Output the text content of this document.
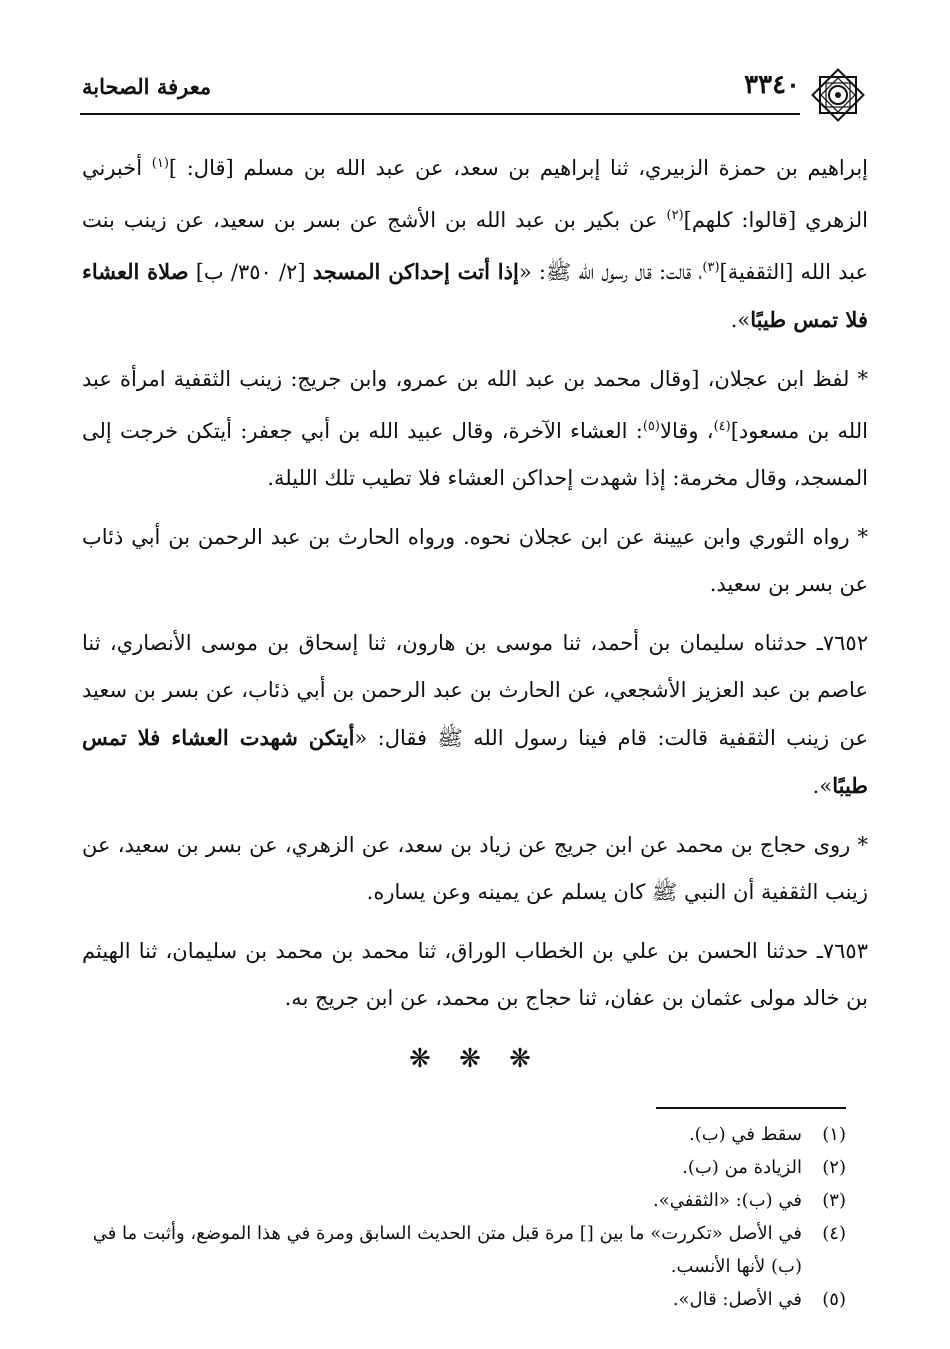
٣٣٤٠
معرفة الصحابة

إبراهيم بن حمزة الزبيري، ثنا إبراهيم بن سعد، عن عبد الله بن مسلم [قال: ]$^{(١)}$ أخبرني الزهري [قالوا: كلهم]$^{(٢)}$ عن بكير بن عبد الله بن الأشج عن بسر بن سعيد، عن زينب بنت عبد الله [الثقفية]$^{(٣)}$، قالت: قال رسول الله ﷺ: «إذا أتت إحداكن المسجد [٢/ ٣٥٠/ ب] صلاة العشاء فلا تمس طيبًا».

* لفظ ابن عجلان، [وقال محمد بن عبد الله بن عمرو، وابن جريج: زينب الثقفية امرأة عبد الله بن مسعود]$^{(٤)}$، وقالا$^{(٥)}$: العشاء الآخرة، وقال عبيد الله بن أبي جعفر: أيتكن خرجت إلى المسجد، وقال مخرمة: إذا شهدت إحداكن العشاء فلا تطيب تلك الليلة.

* رواه الثوري وابن عيينة عن ابن عجلان نحوه. ورواه الحارث بن عبد الرحمن بن أبي ذئاب عن بسر بن سعيد.

٧٦٥٢ـ حدثناه سليمان بن أحمد، ثنا موسى بن هارون، ثنا إسحاق بن موسى الأنصاري، ثنا عاصم بن عبد العزيز الأشجعي، عن الحارث بن عبد الرحمن بن أبي ذئاب، عن بسر بن سعيد عن زينب الثقفية قالت: قام فينا رسول الله ﷺ فقال: «أيتكن شهدت العشاء فلا تمس طيبًا».

* روى حجاج بن محمد عن ابن جريج عن زياد بن سعد، عن الزهري، عن بسر بن سعيد، عن زينب الثقفية أن النبي ﷺ كان يسلم عن يمينه وعن يساره.

٧٦٥٣ـ حدثنا الحسن بن علي بن الخطاب الوراق، ثنا محمد بن محمد بن سليمان، ثنا الهيثم بن خالد مولى عثمان بن عفان، ثنا حجاج بن محمد، عن ابن جريج به.

❋ ❋ ❋
(١)
سقط في (ب).
(٢)
الزيادة من (ب).
(٣)
في (ب): «الثقفي».
(٤)
في الأصل «تكررت» ما بين [] مرة قبل متن الحديث السابق ومرة في هذا الموضع، وأثبت ما في (ب) لأنها الأنسب.
(٥)
في الأصل: قال».
